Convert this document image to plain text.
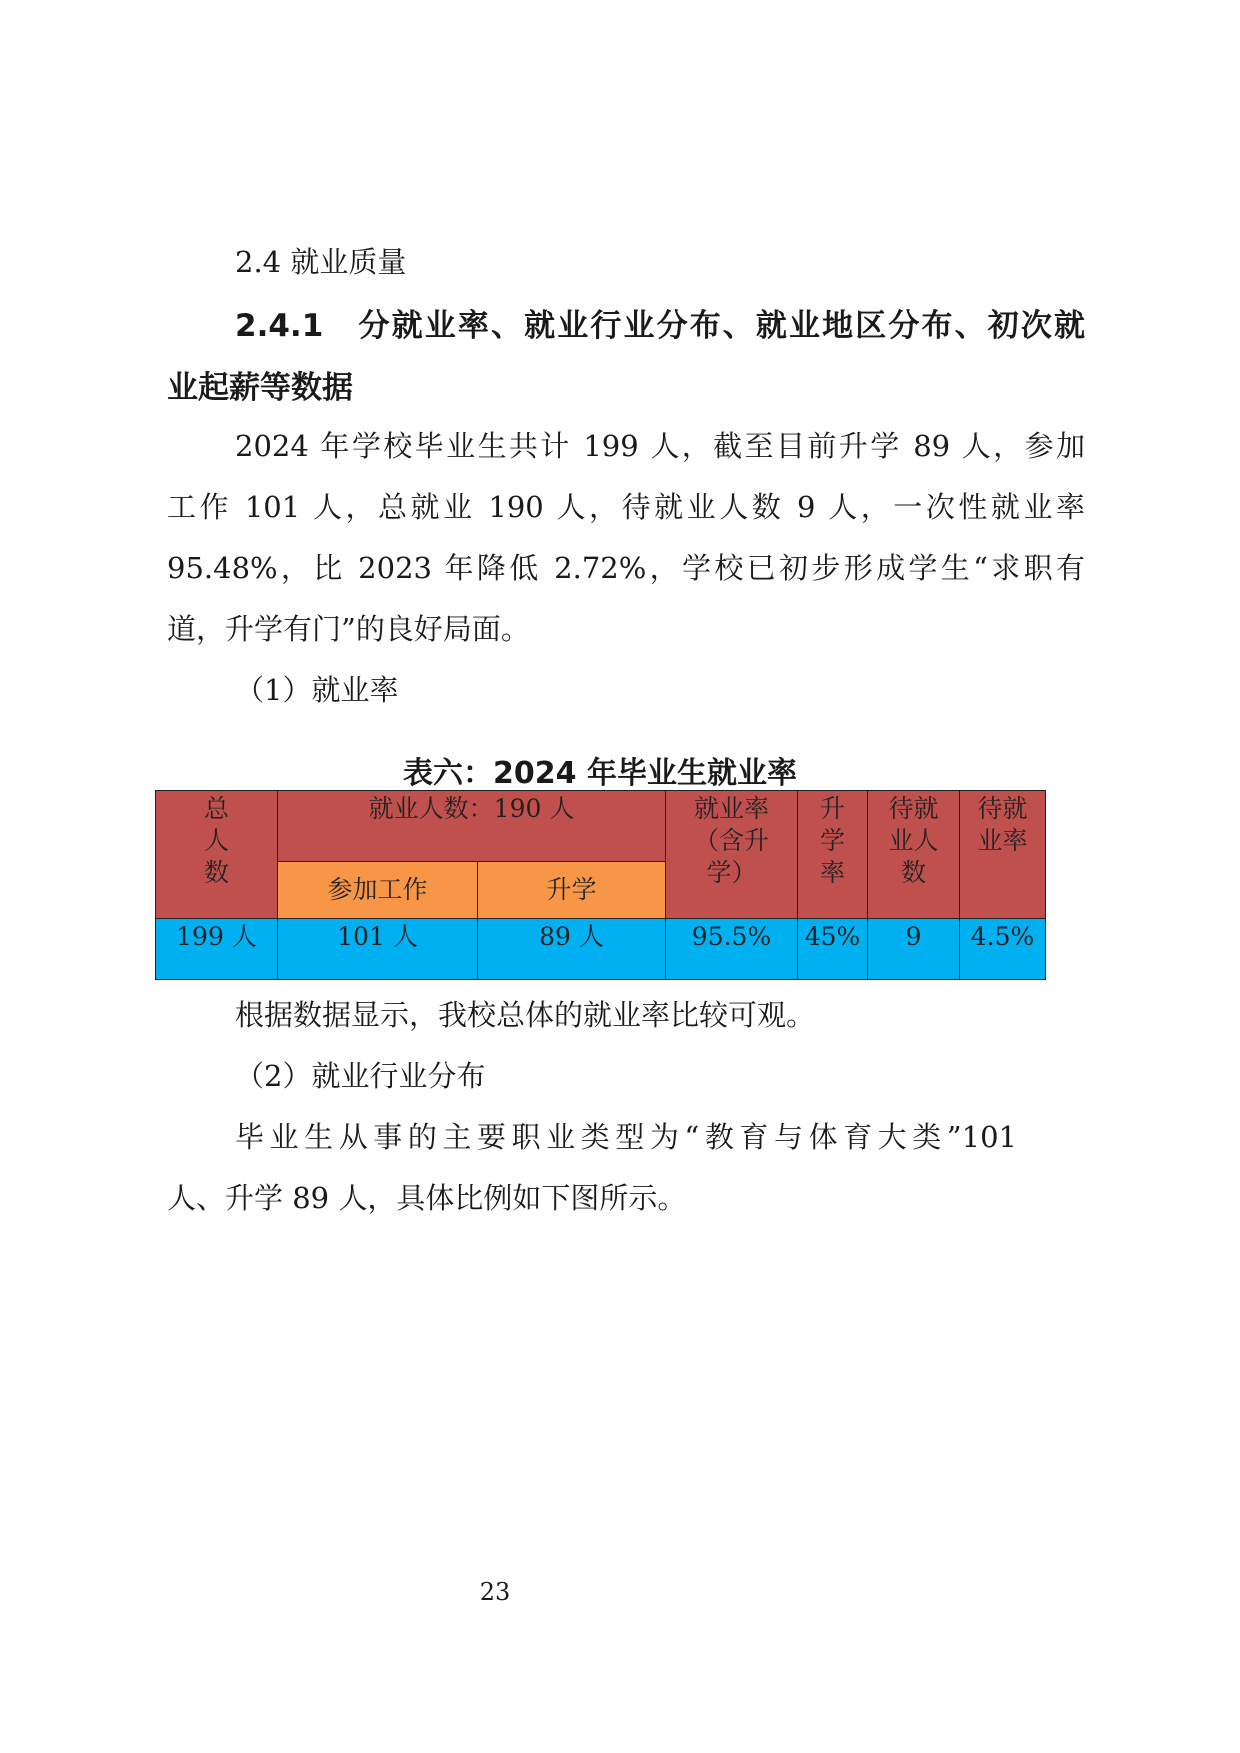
2.4 就业质量
2.4.1　分就业率、就业行业分布、就业地区分布、初次就
业起薪等数据
2024 年学校毕业生共计 199 人，截至目前升学 89 人，参加
工作 101 人，总就业 190 人，待就业人数 9 人，一次性就业率
95.48%，比 2023 年降低 2.72%，学校已初步形成学生“求职有
道，升学有门”的良好局面。
（1）就业率
表六：2024 年毕业生就业率
总
人
数	就业人数：190 人		就业率
（含升
学）	升
学
率	待就
业人
数	待就
业率
	参加工作	升学				
199 人	101 人	89 人	95.5%	45%	9	4.5%
根据数据显示，我校总体的就业率比较可观。
（2）就业行业分布
毕业生从事的主要职业类型为“教育与体育大类”101
人、升学 89 人，具体比例如下图所示。
23
